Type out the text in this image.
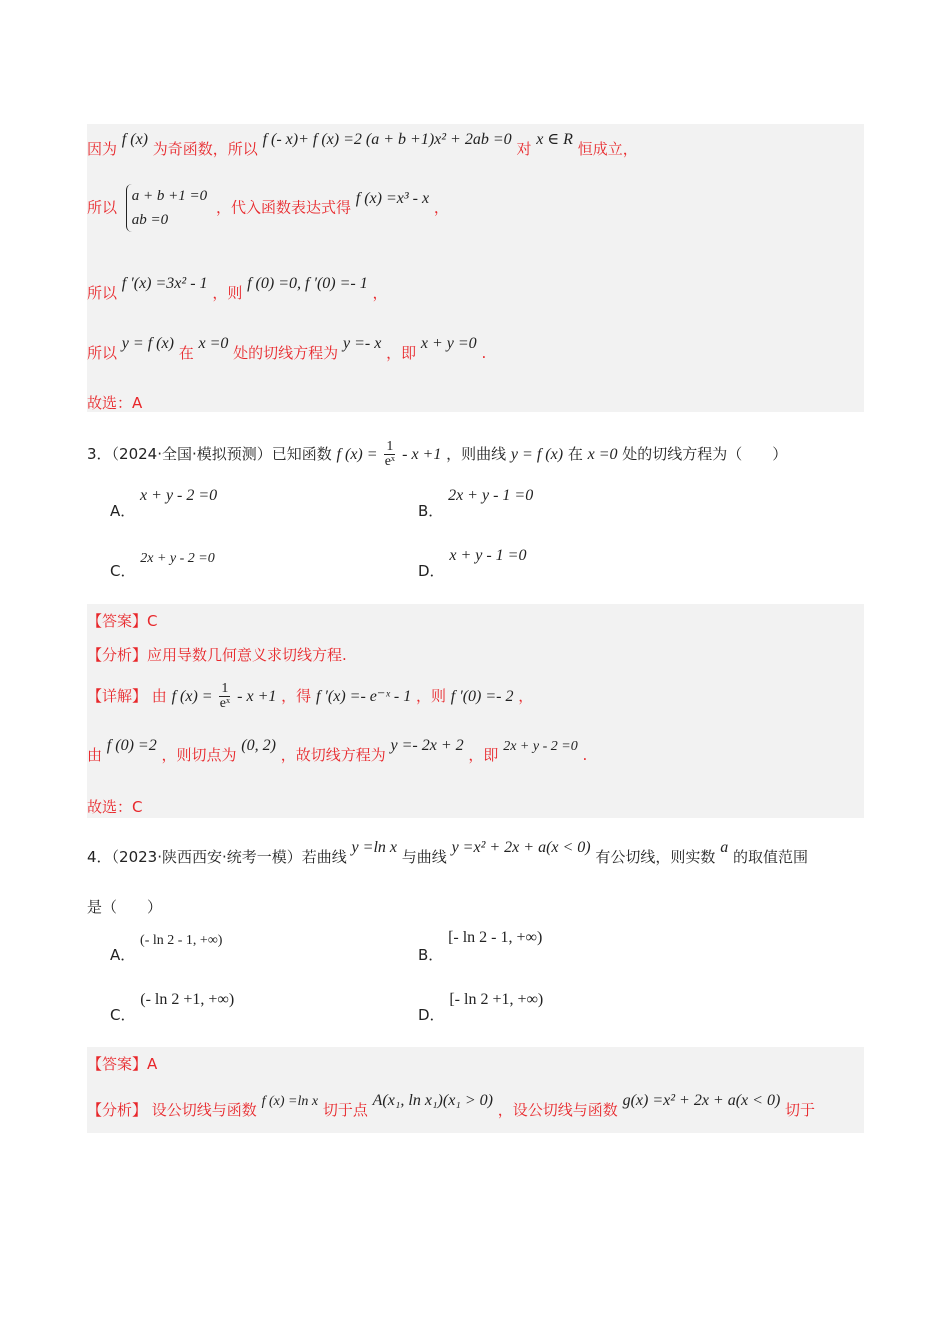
因为 f (x) 为奇函数，所以 f (- x)+ f (x) =2 (a + b +1)x² + 2ab =0 对 x ∈ R 恒成立，
所以
a + b +1 =0
ab =0
，代入函数表达式得 f (x) =x³ - x ，
所以 f ′(x) =3x² - 1 ，则 f (0) =0, f ′(0) =- 1 ，
所以 y = f (x) 在 x =0 处的切线方程为 y =- x ，即 x + y =0 .
故选：A
3．（2024·全国·模拟预测）已知函数 f $(x) = \frac{1}{\text{eˣ}} - x +1$ ，则曲线 y = f (x) 在 x =0 处的切线方程为（　　）
A． x + y - 2 =0
B． 2x + y - 1 =0
C． 2x + y - 2 =0
D． x + y - 1 =0
【答案】C
【分析】应用导数几何意义求切线方程.
【详解】 由 f $(x) = \frac{1}{\text{eˣ}} - x +1$ ，得 f ′(x) =- e⁻ˣ - 1 ，则 f ′(0) =- 2 ，
由 f (0) =2 ，则切点为 (0, 2) ，故切线方程为 y =- 2x + 2 ，即 2x + y - 2 =0 .
故选：C
4．（2023·陕西西安·统考一模）若曲线 y =ln x 与曲线 y =x² + 2x + a(x < 0) 有公切线，则实数 a 的取值范围
是（　　）
A． (- ln 2 - 1, +∞)
B． [- ln 2 - 1, +∞)
C． (- ln 2 +1, +∞)
D． [- ln 2 +1, +∞)
【答案】A
【分析】 设公切线与函数 f (x) =ln x 切于点 A(x₁, ln x₁)(x₁ > 0) ，设公切线与函数 g(x) =x² + 2x + a(x < 0) 切于
